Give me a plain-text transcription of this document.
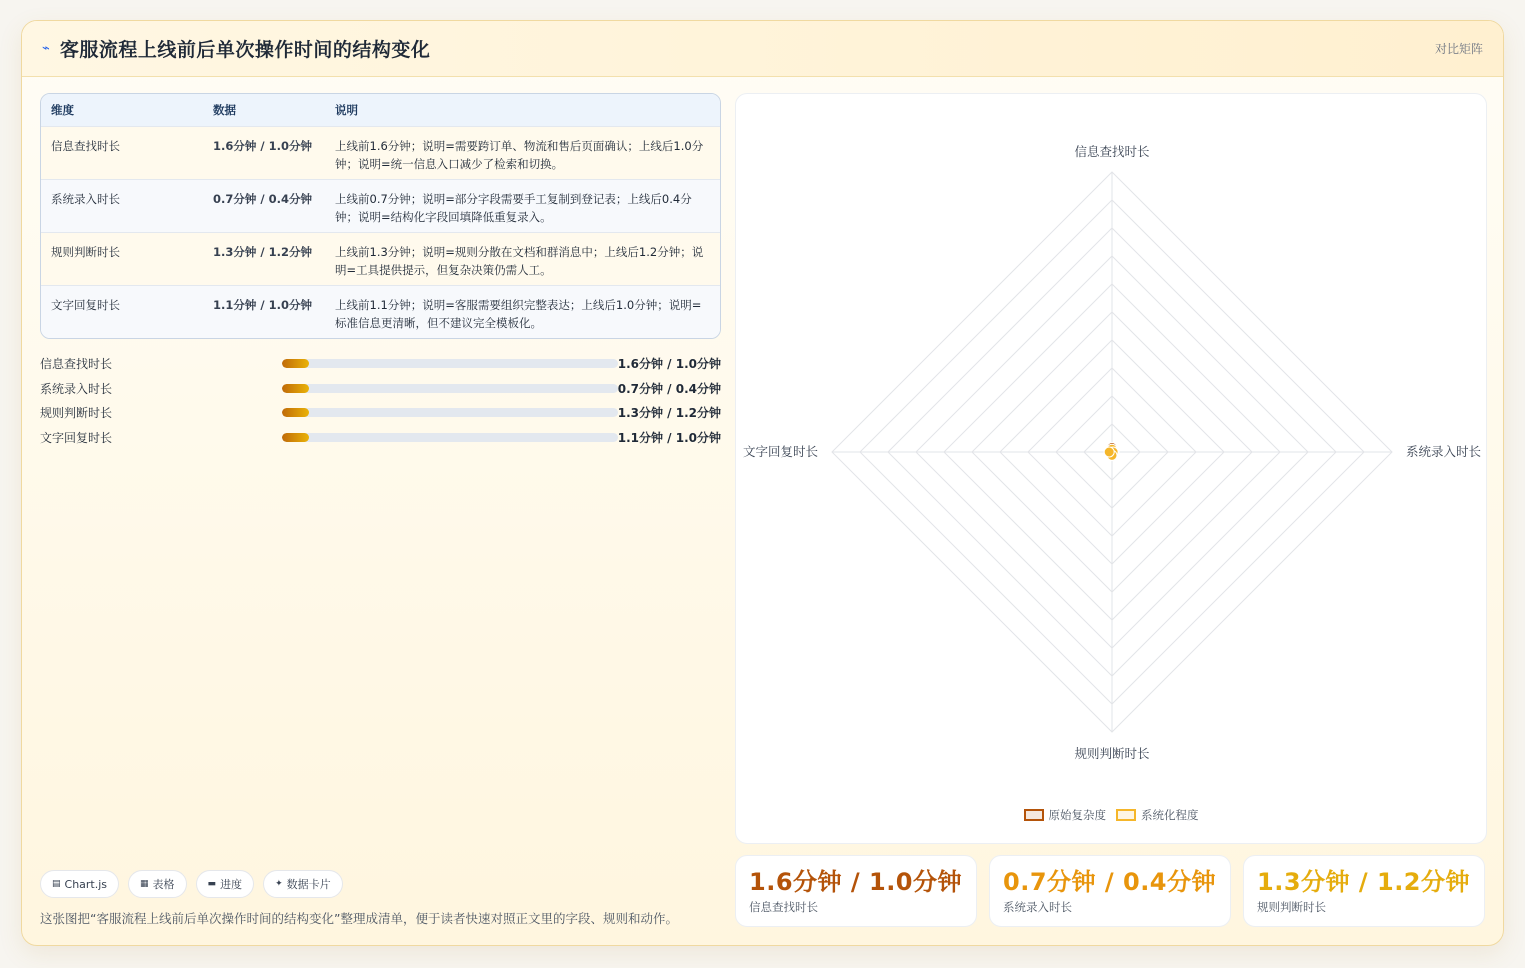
⌁ 客服流程上线前后单次操作时间的结构变化	对比矩阵
维度	数据	说明
信息查找时长	1.6分钟 / 1.0分钟	上线前1.6分钟；说明=需要跨订单、物流和售后页面确认；上线后1.0分钟；说明=统一信息入口减少了检索和切换。
系统录入时长	0.7分钟 / 0.4分钟	上线前0.7分钟；说明=部分字段需要手工复制到登记表；上线后0.4分钟；说明=结构化字段回填降低重复录入。
规则判断时长	1.3分钟 / 1.2分钟	上线前1.3分钟；说明=规则分散在文档和群消息中；上线后1.2分钟；说明=工具提供提示，但复杂决策仍需人工。
文字回复时长	1.1分钟 / 1.0分钟	上线前1.1分钟；说明=客服需要组织完整表达；上线后1.0分钟；说明=标准信息更清晰，但不建议完全模板化。
信息查找时长	1.6分钟 / 1.0分钟
系统录入时长	0.7分钟 / 0.4分钟
规则判断时长	1.3分钟 / 1.2分钟
文字回复时长	1.1分钟 / 1.0分钟
▤ Chart.js	▦ 表格	▬ 进度	✦ 数据卡片
这张图把“客服流程上线前后单次操作时间的结构变化”整理成清单，便于读者快速对照正文里的字段、规则和动作。
信息查找时长
系统录入时长
规则判断时长
文字回复时长
原始复杂度	系统化程度
1.6分钟 / 1.0分钟
信息查找时长
0.7分钟 / 0.4分钟
系统录入时长
1.3分钟 / 1.2分钟
规则判断时长
